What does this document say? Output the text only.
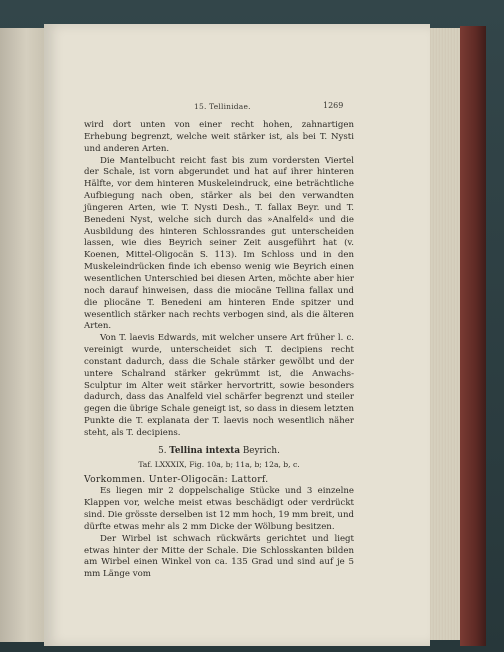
15. Tellinidae.	1269

wird dort unten von einer recht hohen, zahnartigen Erhebung begrenzt, welche weit stärker ist, als bei T. Nysti und anderen Arten.

Die Mantelbucht reicht fast bis zum vordersten Viertel der Schale, ist vorn abgerundet und hat auf ihrer hinteren Hälfte, vor dem hinteren Muskeleindruck, eine beträchtliche Aufbiegung nach oben, stärker als bei den verwandten jüngeren Arten, wie T. Nysti Desh., T. fallax Beyr. und T. Benedeni Nyst, welche sich durch das »Analfeld« und die Ausbildung des hinteren Schlossrandes gut unterscheiden lassen, wie dies Beyrich seiner Zeit ausgeführt hat (v. Koenen, Mittel-Oligocän S. 113). Im Schloss und in den Muskeleindrücken finde ich ebenso wenig wie Beyrich einen wesentlichen Unterschied bei diesen Arten, möchte aber hier noch darauf hinweisen, dass die miocäne Tellina fallax und die pliocäne T. Benedeni am hinteren Ende spitzer und wesentlich stärker nach rechts verbogen sind, als die älteren Arten.

Von T. laevis Edwards, mit welcher unsere Art früher l. c. vereinigt wurde, unterscheidet sich T. decipiens recht constant dadurch, dass die Schale stärker gewölbt und der untere Schalrand stärker gekrümmt ist, die Anwachs-Sculptur im Alter weit stärker hervortritt, sowie besonders dadurch, dass das Analfeld viel schärfer begrenzt und steiler gegen die übrige Schale geneigt ist, so dass in diesem letzten Punkte die T. explanata der T. laevis noch wesentlich näher steht, als T. decipiens.

5. Tellina intexta Beyrich.
Taf. LXXXIX, Fig. 10a, b; 11a, b; 12a, b, c.
Vorkommen. Unter-Oligocän: Lattorf.

Es liegen mir 2 doppelschalige Stücke und 3 einzelne Klappen vor, welche meist etwas beschädigt oder verdrückt sind. Die grösste derselben ist 12 mm hoch, 19 mm breit, und dürfte etwas mehr als 2 mm Dicke der Wölbung besitzen.

Der Wirbel ist schwach rückwärts gerichtet und liegt etwas hinter der Mitte der Schale. Die Schlosskanten bilden am Wirbel einen Winkel von ca. 135 Grad und sind auf je 5 mm Länge vom
